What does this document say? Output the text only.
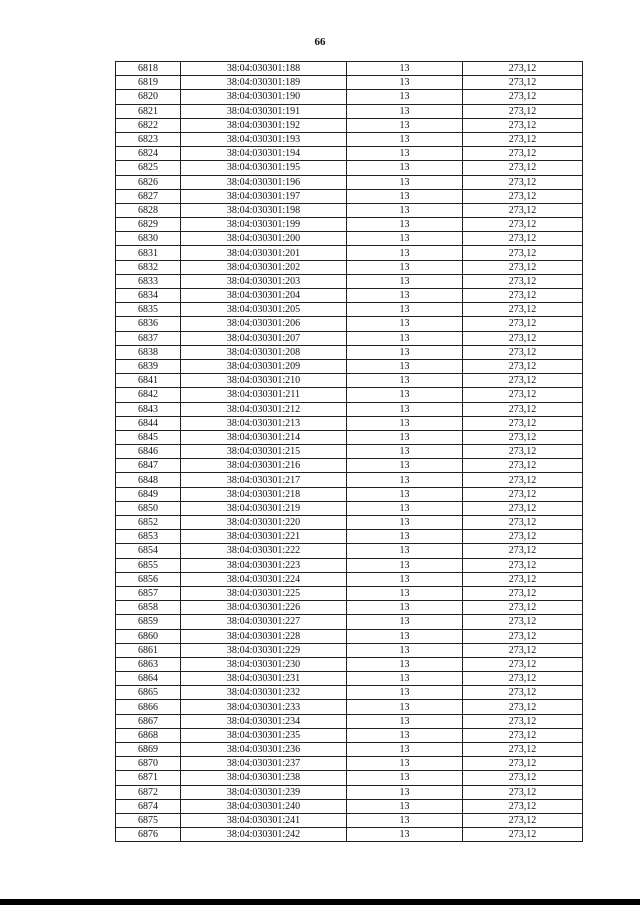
66
6818	38:04:030301:188	13	273,12
6819	38:04:030301:189	13	273,12
6820	38:04:030301:190	13	273,12
6821	38:04:030301:191	13	273,12
6822	38:04:030301:192	13	273,12
6823	38:04:030301:193	13	273,12
6824	38:04:030301:194	13	273,12
6825	38:04:030301:195	13	273,12
6826	38:04:030301:196	13	273,12
6827	38:04:030301:197	13	273,12
6828	38:04:030301:198	13	273,12
6829	38:04:030301:199	13	273,12
6830	38:04:030301:200	13	273,12
6831	38:04:030301:201	13	273,12
6832	38:04:030301:202	13	273,12
6833	38:04:030301:203	13	273,12
6834	38:04:030301:204	13	273,12
6835	38:04:030301:205	13	273,12
6836	38:04:030301:206	13	273,12
6837	38:04:030301:207	13	273,12
6838	38:04:030301:208	13	273,12
6839	38:04:030301:209	13	273,12
6841	38:04:030301:210	13	273,12
6842	38:04:030301:211	13	273,12
6843	38:04:030301:212	13	273,12
6844	38:04:030301:213	13	273,12
6845	38:04:030301:214	13	273,12
6846	38:04:030301:215	13	273,12
6847	38:04:030301:216	13	273,12
6848	38:04:030301:217	13	273,12
6849	38:04:030301:218	13	273,12
6850	38:04:030301:219	13	273,12
6852	38:04:030301:220	13	273,12
6853	38:04:030301:221	13	273,12
6854	38:04:030301:222	13	273,12
6855	38:04:030301:223	13	273,12
6856	38:04:030301:224	13	273,12
6857	38:04:030301:225	13	273,12
6858	38:04:030301:226	13	273,12
6859	38:04:030301:227	13	273,12
6860	38:04:030301:228	13	273,12
6861	38:04:030301:229	13	273,12
6863	38:04:030301:230	13	273,12
6864	38:04:030301:231	13	273,12
6865	38:04:030301:232	13	273,12
6866	38:04:030301:233	13	273,12
6867	38:04:030301:234	13	273,12
6868	38:04:030301:235	13	273,12
6869	38:04:030301:236	13	273,12
6870	38:04:030301:237	13	273,12
6871	38:04:030301:238	13	273,12
6872	38:04:030301:239	13	273,12
6874	38:04:030301:240	13	273,12
6875	38:04:030301:241	13	273,12
6876	38:04:030301:242	13	273,12
